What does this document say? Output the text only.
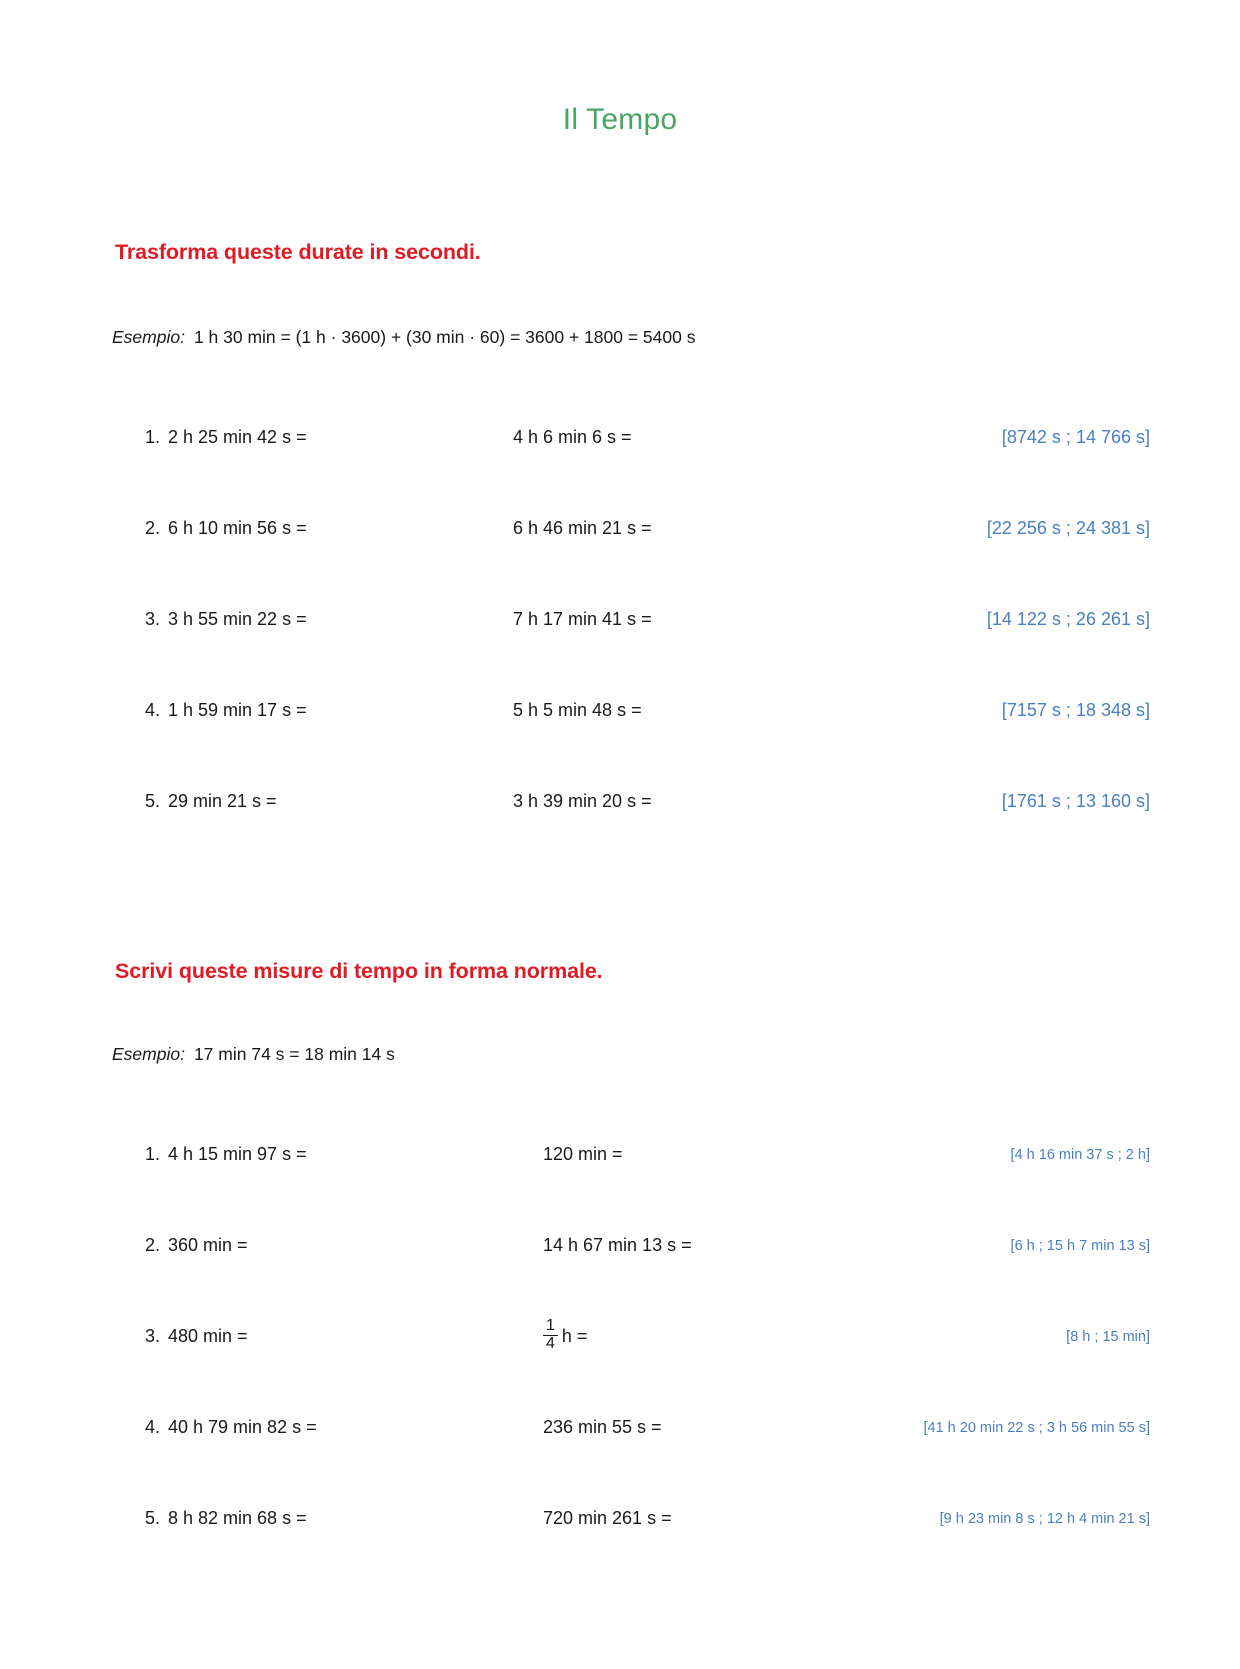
Il Tempo
Trasforma queste durate in secondi.
Esempio: 1 h 30 min = (1 h · 3600) + (30 min · 60) = 3600 + 1800 = 5400 s
1. 2 h 25 min 42 s =	4 h 6 min 6 s =	[8742 s ; 14 766 s]
2. 6 h 10 min 56 s =	6 h 46 min 21 s =	[22 256 s ; 24 381 s]
3. 3 h 55 min 22 s =	7 h 17 min 41 s =	[14 122 s ; 26 261 s]
4. 1 h 59 min 17 s =	5 h 5 min 48 s =	[7157 s ; 18 348 s]
5. 29 min 21 s =	3 h 39 min 20 s =	[1761 s ; 13 160 s]
Scrivi queste misure di tempo in forma normale.
Esempio: 17 min 74 s = 18 min 14 s
1. 4 h 15 min 97 s =	120 min =	[4 h 16 min 37 s ; 2 h]
2. 360 min =	14 h 67 min 13 s =	[6 h ; 15 h 7 min 13 s]
3. 480 min =	$\frac{1}{4}$ h =	[8 h ; 15 min]
4. 40 h 79 min 82 s =	236 min 55 s =	[41 h 20 min 22 s ; 3 h 56 min 55 s]
5. 8 h 82 min 68 s =	720 min 261 s =	[9 h 23 min 8 s ; 12 h 4 min 21 s]
